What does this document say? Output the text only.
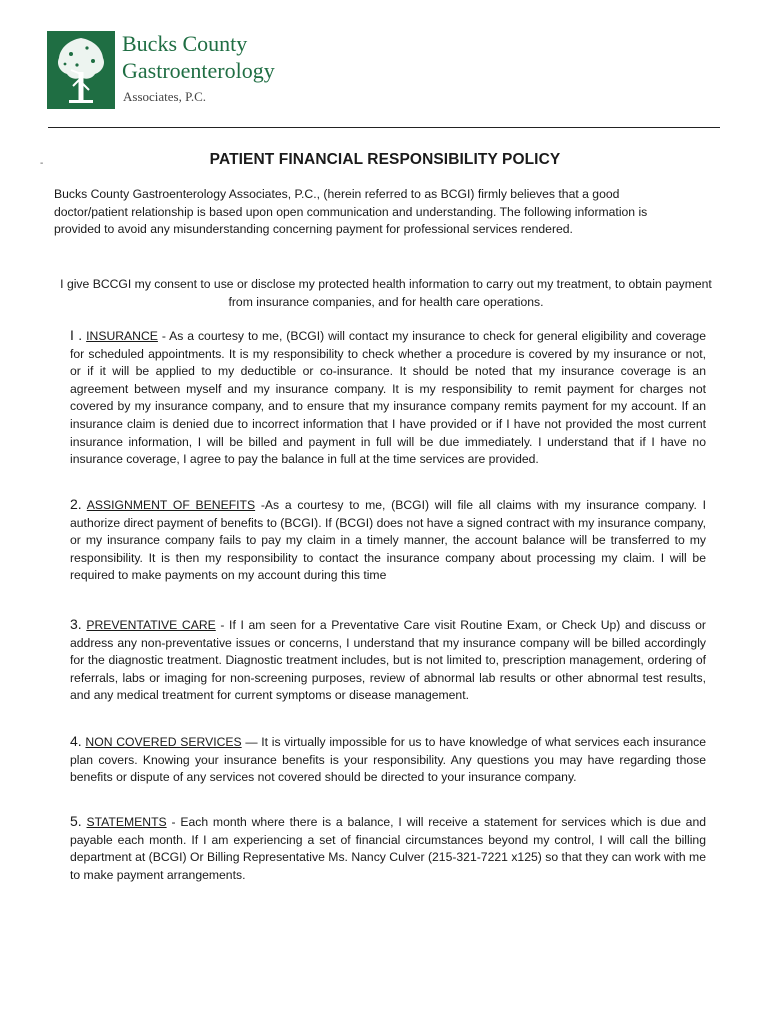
Bucks County
Gastroenterology
Associates, P.C.
-	PATIENT FINANCIAL RESPONSIBILITY POLICY
Bucks County Gastroenterology Associates, P.C., (herein referred to as BCGI) firmly believes that a good doctor/patient relationship is based upon open communication and understanding. The following information is provided to avoid any misunderstanding concerning payment for professional services rendered.
I give BCCGI my consent to use or disclose my protected health information to carry out my treatment, to obtain payment from insurance companies, and for health care operations.
I . INSURANCE - As a courtesy to me, (BCGI) will contact my insurance to check for general eligibility and coverage for scheduled appointments. It is my responsibility to check whether a procedure is covered by my insurance or not, or if it will be applied to my deductible or co-insurance. It should be noted that my insurance coverage is an agreement between myself and my insurance company. It is my responsibility to remit payment for charges not covered by my insurance company, and to ensure that my insurance company remits payment for my account. If an insurance claim is denied due to incorrect information that I have provided or if I have not provided the most current insurance information, I will be billed and payment in full will be due immediately. I understand that if I have no insurance coverage, I agree to pay the balance in full at the time services are provided.
2. ASSIGNMENT OF BENEFITS -As a courtesy to me, (BCGI) will file all claims with my insurance company. I authorize direct payment of benefits to (BCGI). If (BCGI) does not have a signed contract with my insurance company, or my insurance company fails to pay my claim in a timely manner, the account balance will be transferred to my responsibility. It is then my responsibility to contact the insurance company about processing my claim. I will be required to make payments on my account during this time
3. PREVENTATIVE CARE - If I am seen for a Preventative Care visit Routine Exam, or Check Up) and discuss or address any non-preventative issues or concerns, I understand that my insurance company will be billed accordingly for the diagnostic treatment. Diagnostic treatment includes, but is not limited to, prescription management, ordering of referrals, labs or imaging for non-screening purposes, review of abnormal lab results or other abnormal test results, and any medical treatment for current symptoms or disease management.
4. NON COVERED SERVICES — It is virtually impossible for us to have knowledge of what services each insurance plan covers. Knowing your insurance benefits is your responsibility. Any questions you may have regarding those benefits or dispute of any services not covered should be directed to your insurance company.
5. STATEMENTS - Each month where there is a balance, I will receive a statement for services which is due and payable each month. If I am experiencing a set of financial circumstances beyond my control, I will call the billing department at (BCGI) Or Billing Representative Ms. Nancy Culver (215-321-7221 x125) so that they can work with me to make payment arrangements.
